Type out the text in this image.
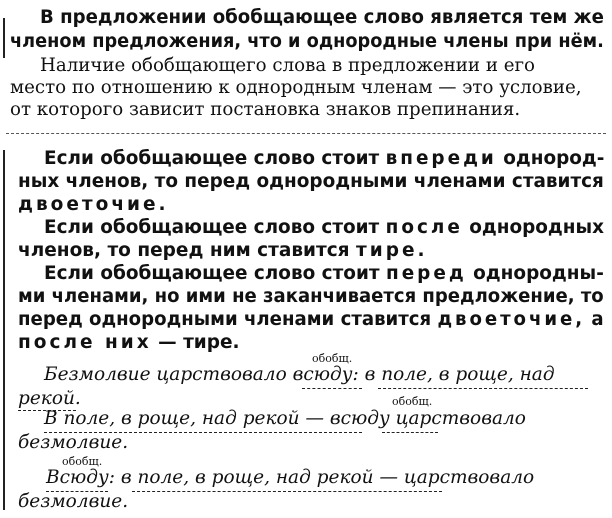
В предложении обобщающее слово является тем же
членом предложения, что и однородные члены при нём.
Наличие обобщающего слова в предложении и его
место по отношению к однородным членам — это условие,
от которого зависит постановка знаков препинания.
Если обобщающее слово стоит впереди однород-
ных членов, то перед однородными членами ставится
двоеточие.
Если обобщающее слово стоит после однородных
членов, то перед ним ставится тире.
Если обобщающее слово стоит перед однородны-
ми членами, но ими не заканчивается предложение, то
перед однородными членами ставится двоеточие, а
после них — тире.
обобщ.
Безмолвие царствовало всюду: в поле, в роще, над
рекой.	обобщ.
В поле, в роще, над рекой — всюду царствовало
безмолвие.
обобщ.
Всюду: в поле, в роще, над рекой — царствовало
безмолвие.
